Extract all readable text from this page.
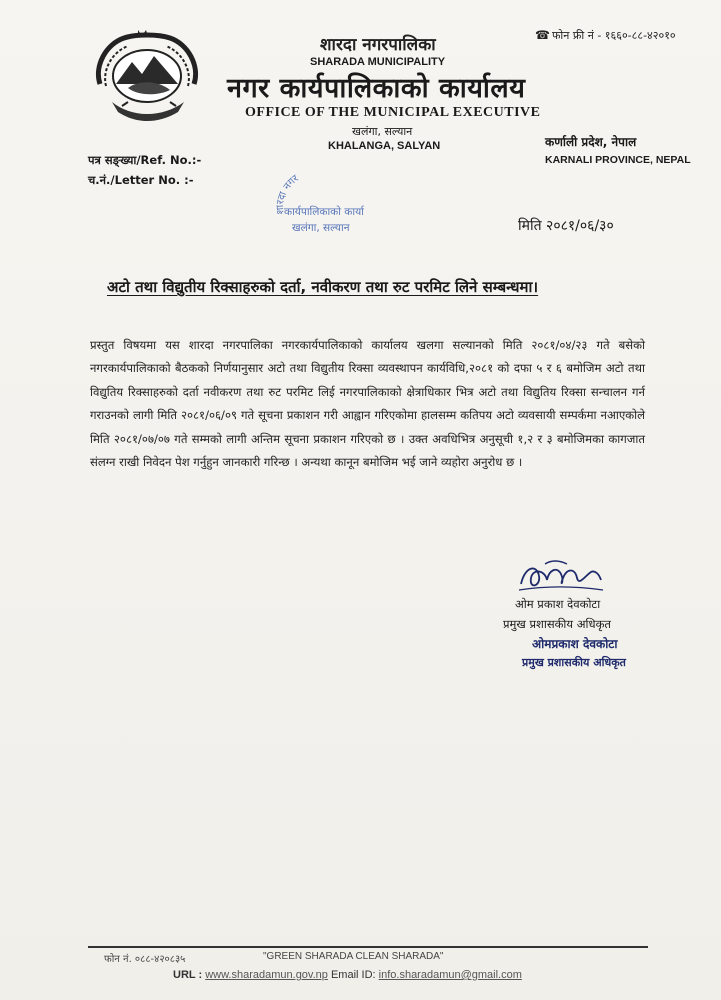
☎ फोन फ्री नं - १६६०-८८-४२०१०
शारदा नगरपालिका
SHARADA MUNICIPALITY
नगर कार्यपालिकाको कार्यालय
OFFICE OF THE MUNICIPAL EXECUTIVE
खलंगा, सल्यान
KHALANGA, SALYAN	कर्णाली प्रदेश, नेपाल
KARNALI PROVINCE, NEPAL
पत्र सङ्ख्या/Ref. No.:-
च.नं./Letter No. :-
शारदा नगर
कार्यपालिकाको कार्या
खलंगा, सल्यान	मिति २०८१/०६/३०
अटो तथा विद्युतीय रिक्साहरुको दर्ता, नवीकरण तथा रुट परमिट लिने सम्बन्धमा।
प्रस्तुत विषयमा यस शारदा नगरपालिका नगरकार्यपालिकाको कार्यालय खलगा सल्यानको मिति २०८१/०४/२३ गते बसेको नगरकार्यपालिकाको बैठकको निर्णयानुसार अटो तथा विद्युतीय रिक्सा व्यवस्थापन कार्यविधि,२०८१ को दफा ५ र ६ बमोजिम अटो तथा विद्युतिय रिक्साहरुको दर्ता नवीकरण तथा रुट परमिट लिई नगरपालिकाको क्षेत्राधिकार भित्र अटो तथा विद्युतिय रिक्सा सन्चालन गर्न गराउनको लागी मिति २०८१/०६/०९ गते सूचना प्रकाशन गरी आह्वान गरिएकोमा हालसम्म कतिपय अटो व्यवसायी सम्पर्कमा नआएकोले मिति २०८१/०७/०७ गते सम्मको लागी अन्तिम सूचना प्रकाशन गरिएको छ । उक्त अवधिभित्र अनुसूची १,२ र ३ बमोजिमका कागजात संलग्न राखी निवेदन पेश गर्नुहुन जानकारी गरिन्छ । अन्यथा कानून बमोजिम भई जाने व्यहोरा अनुरोध छ ।
ओम प्रकाश देवकोटा
प्रमुख प्रशासकीय अधिकृत
ओमप्रकाश देवकोटा
प्रमुख प्रशासकीय अधिकृत
फोन नं. ०८८-४२०८३५	"GREEN SHARADA CLEAN SHARADA"
URL : www.sharadamun.gov.np Email ID: info.sharadamun@gmail.com
